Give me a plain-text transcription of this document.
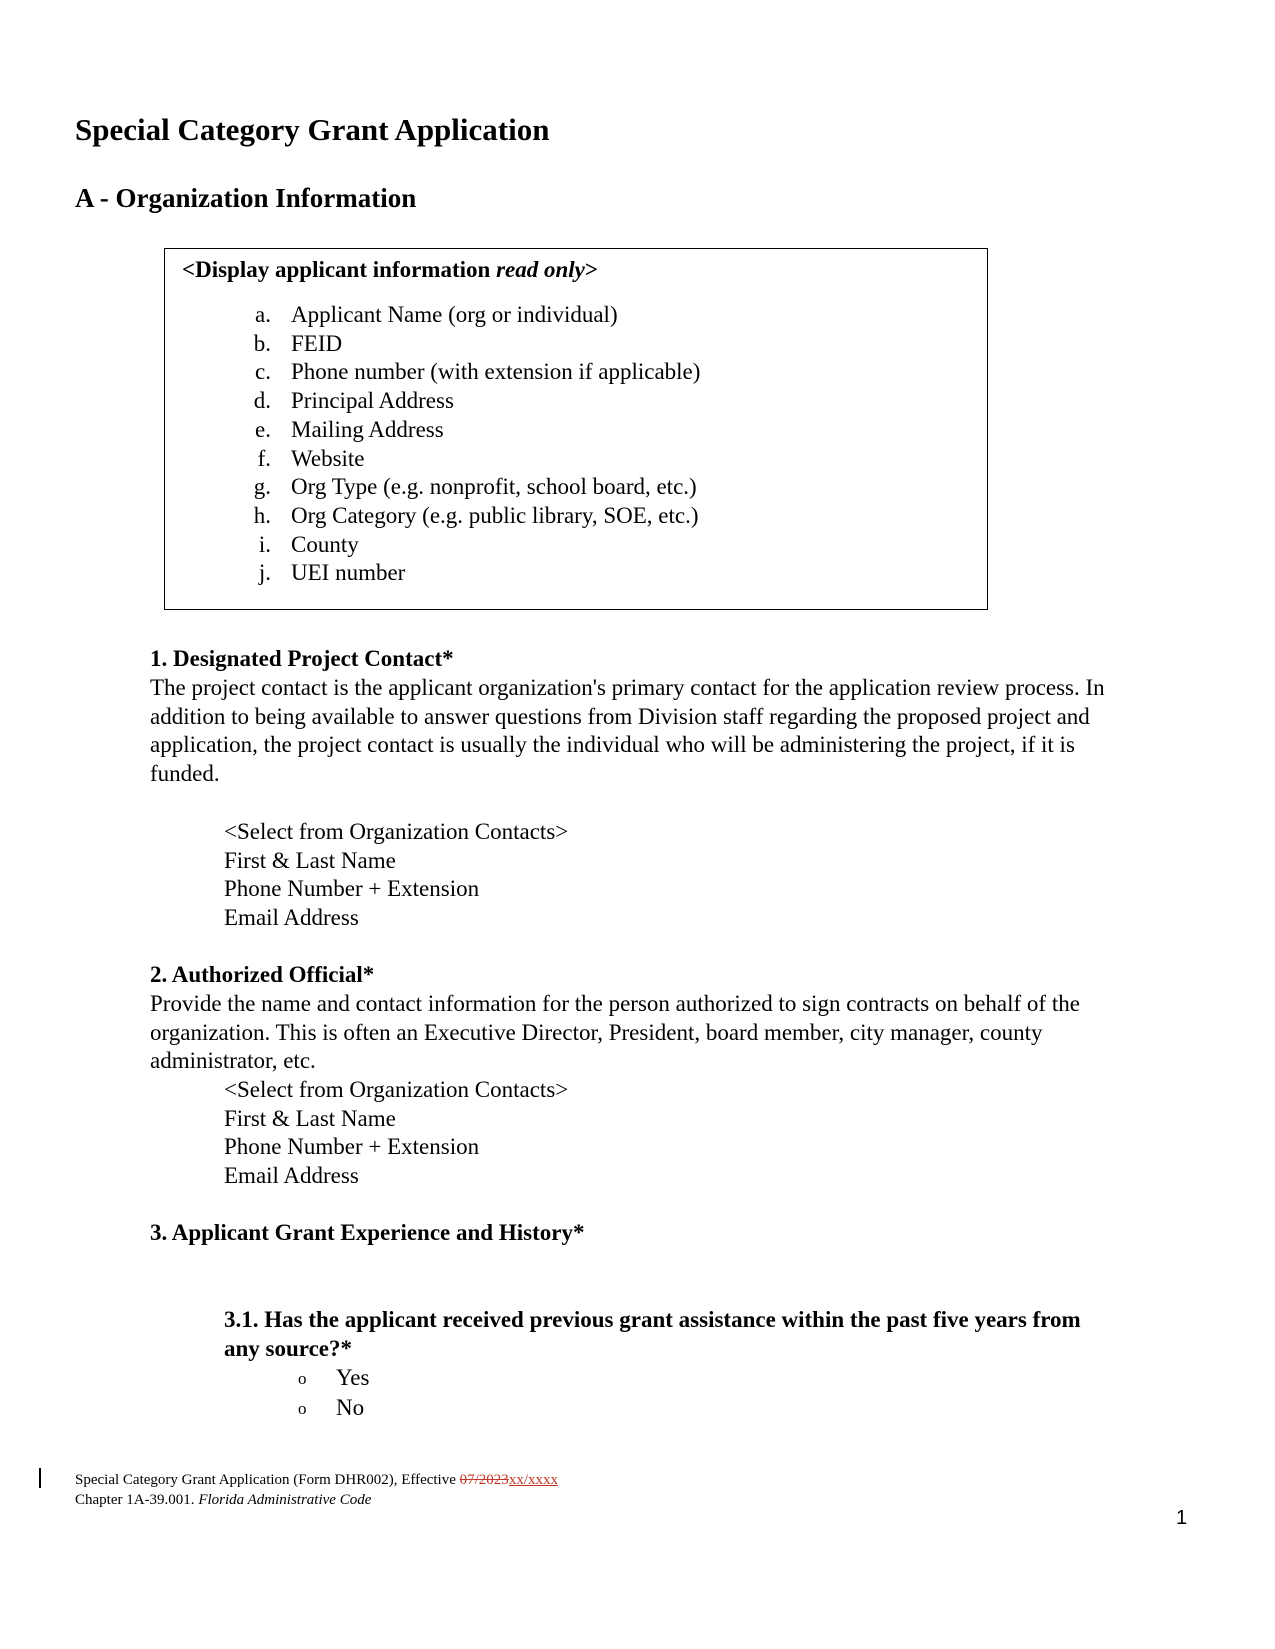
Special Category Grant Application
A - Organization Information
<Display applicant information read only>
a. Applicant Name (org or individual)
b. FEID
c. Phone number (with extension if applicable)
d. Principal Address
e. Mailing Address
f. Website
g. Org Type (e.g. nonprofit, school board, etc.)
h. Org Category (e.g. public library, SOE, etc.)
i. County
j. UEI number
1. Designated Project Contact*
The project contact is the applicant organization's primary contact for the application review process. In
addition to being available to answer questions from Division staff regarding the proposed project and
application, the project contact is usually the individual who will be administering the project, if it is
funded.
<Select from Organization Contacts>
First & Last Name
Phone Number + Extension
Email Address
2. Authorized Official*
Provide the name and contact information for the person authorized to sign contracts on behalf of the
organization. This is often an Executive Director, President, board member, city manager, county
administrator, etc.
<Select from Organization Contacts>
First & Last Name
Phone Number + Extension
Email Address
3. Applicant Grant Experience and History*
3.1. Has the applicant received previous grant assistance within the past five years from
any source?*
o Yes
o No
Special Category Grant Application (Form DHR002), Effective 07/2023xx/xxxx
Chapter 1A-39.001. Florida Administrative Code
1
